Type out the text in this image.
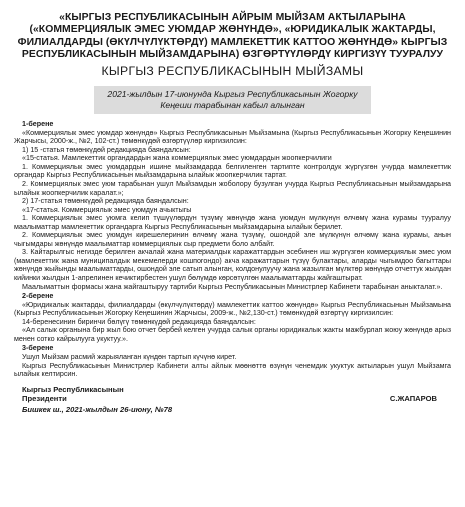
«КЫРГЫЗ РЕСПУБЛИКАСЫНЫН АЙРЫМ МЫЙЗАМ АКТЫЛАРЫНА («КОММЕРЦИЯЛЫК ЭМЕС УЮМДАР ЖӨНҮНДӨ», «ЮРИДИКАЛЫК ЖАКТАРДЫ, ФИЛИАЛДАРДЫ (ӨКҮЛЧҮЛҮКТӨРДҮ) МАМЛЕКЕТТИК КАТТОО ЖӨНҮНДӨ» КЫРГЫЗ РЕСПУБЛИКАСЫНЫН МЫЙЗАМДАРЫНА) ӨЗГӨРТҮҮЛӨРДҮ КИРГИЗҮҮ ТУУРАЛУУ
КЫРГЫЗ РЕСПУБЛИКАСЫНЫН МЫЙЗАМЫ
2021-жылдын 17-июнунда Кыргыз Республикасынын Жогорку Кеңеши тарабынан кабыл алынган

1-берене

«Коммерциялык эмес уюмдар жөнүндө» Кыргыз Республикасынын Мыйзамына (Кыргыз Республикасынын Жогорку Кеңешинин Жарчысы, 2000-ж., №2, 102-ст.) төмөнкүдөй өзгөртүүлөр киргизилсин:

1) 15 -статья төмөнкүдөй редакцияда баяндалсын:

«15-статья. Мамлекеттик органдардын жана коммерциялык эмес уюмдардын жоопкерчилиги

1. Коммерциялык эмес уюмдардын ишине мыйзамдарда белгиленген тартипте контролдук жүргүзгөн учурда мамлекеттик органдар Кыргыз Республикасынын мыйзамдарына ылайык жоопкерчилик тартат.

2. Коммерциялык эмес уюм тарабынан ушул Мыйзамдын жоболору бузулган учурда Кыргыз Республикасынын мыйзамдарына ылайык жоопкерчилик каралат.»;

2) 17-статья төмөнкүдөй редакцияда баяндалсын:

«17-статья. Коммерциялык эмес уюмдун ачыктыгы

1. Коммерциялык эмес уюмга келип түшүүлөрдүн түзүмү жөнүндө жана уюмдун мүлкүнүн өлчөмү жана курамы тууралуу маалыматтар мамлекеттик органдарга Кыргыз Республикасынын мыйзамдарына ылайык берилет.

2. Коммерциялык эмес уюмдун кирешелеринин өлчөмү жана түзүмү, ошондой эле мүлкүнүн өлчөмү жана курамы, анын чыгымдары жөнүндө маалыматтар коммерциялык сыр предмети боло албайт.

3. Кайтарылгыс негизде берилген акчалай жана материалдык каражаттардын эсебинен иш жүргүзгөн коммерциялык эмес уюм (мамлекеттик жана муниципалдык мекемелерди кошпогондо) акча каражаттарын түзүү булактары, аларды чыгымдоо багыттары жөнүндө жыйынды маалыматтарды, ошондой эле сатып алынган, колдонулуучу жана жазылган мүлктөр жөнүндө отчеттук жылдан кийинки жылдын 1-апрелинен кечиктирбестен ушул бөлүмдө көрсөтүлгөн маалыматтарды жайгаштырат.

Маалыматтын формасы жана жайгаштыруу тартиби Кыргыз Республикасынын Министрлер Кабинети тарабынан аныкталат.».

2-берене

«Юридикалык жактарды, филиалдарды (өкүлчүлүктөрдү) мамлекеттик каттоо жөнүндө» Кыргыз Республикасынын Мыйзамына (Кыргыз Республикасынын Жогорку Кеңешинин Жарчысы, 2009-ж., №2,130-ст.) төмөнкүдөй өзгөртүү киргизилсин:

14-беренесинин биринчи бөлүгү төмөнкүдөй редакцияда баяндалсын:

«Ал салык органына бир жыл бою отчет бербей келген учурда салык органы юридикалык жакты мажбурлап жоюу жөнүндө арыз менен сотко кайрылууга укуктуу.».

3-берене

Ушул Мыйзам расмий жарыяланган күндөн тартып күчүнө кирет.

Кыргыз Республикасынын Министрлер Кабинети алты айлык мөөнөттө өзүнүн ченемдик укуктук актыларын ушул Мыйзамга ылайык келтирсин.

Кыргыз Республикасынын
Президенти	С.ЖАПАРОВ
Бишкек ш., 2021-жылдын 26-июну, №78
